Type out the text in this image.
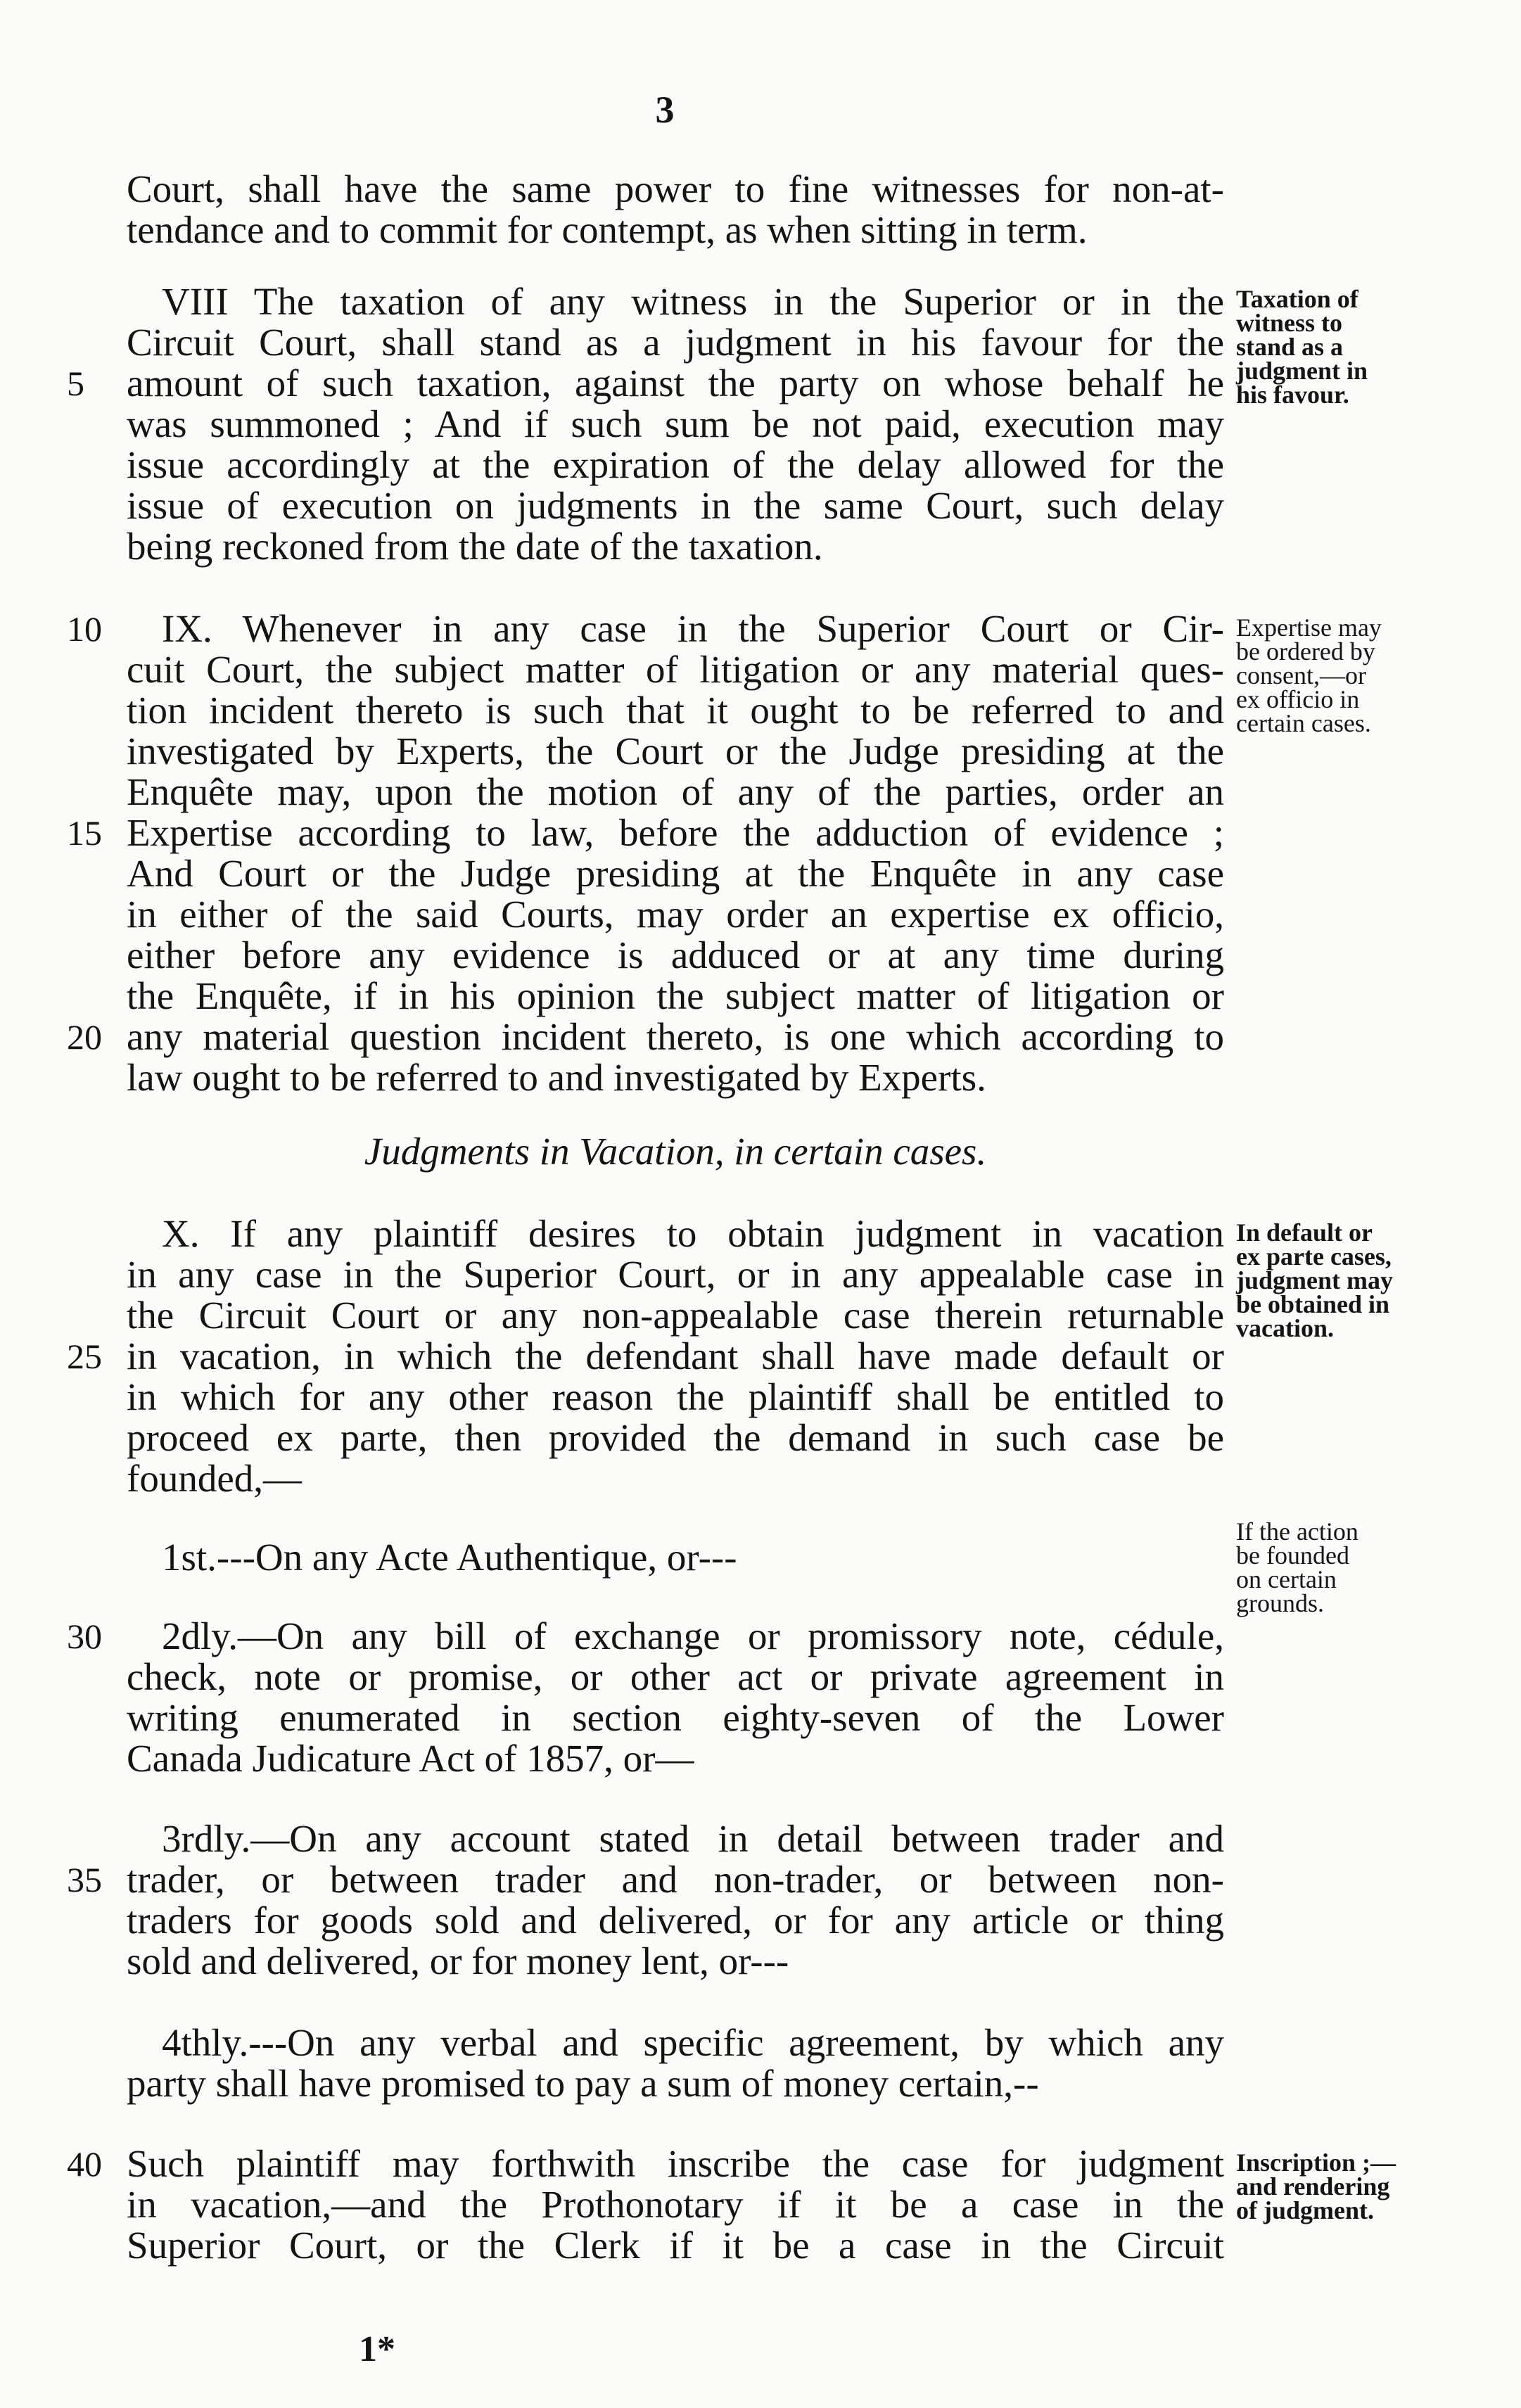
3
Court, shall have the same power to fine witnesses for non-at-
tendance and to commit for contempt, as when sitting in term.
VIII The taxation of any witness in the Superior or in the
Circuit Court, shall stand as a judgment in his favour for the
amount of such taxation, against the party on whose behalf he
was summoned ; And if such sum be not paid, execution may
issue accordingly at the expiration of the delay allowed for the
issue of execution on judgments in the same Court, such delay
being reckoned from the date of the taxation.
IX. Whenever in any case in the Superior Court or Cir-
cuit Court, the subject matter of litigation or any material ques-
tion incident thereto is such that it ought to be referred to and
investigated by Experts, the Court or the Judge presiding at the
Enquête may, upon the motion of any of the parties, order an
Expertise according to law, before the adduction of evidence ;
And Court or the Judge presiding at the Enquête in any case
in either of the said Courts, may order an expertise ex officio,
either before any evidence is adduced or at any time during
the Enquête, if in his opinion the subject matter of litigation or
any material question incident thereto, is one which according to
law ought to be referred to and investigated by Experts.
Judgments in Vacation, in certain cases.
X. If any plaintiff desires to obtain judgment in vacation
in any case in the Superior Court, or in any appealable case in
the Circuit Court or any non-appealable case therein returnable
in vacation, in which the defendant shall have made default or
in which for any other reason the plaintiff shall be entitled to
proceed ex parte, then provided the demand in such case be
founded,—
1st.---On any Acte Authentique, or---
2dly.—On any bill of exchange or promissory note, cédule,
check, note or promise, or other act or private agreement in
writing enumerated in section eighty-seven of the Lower
Canada Judicature Act of 1857, or—
3rdly.—On any account stated in detail between trader and
trader, or between trader and non-trader, or between non-
traders for goods sold and delivered, or for any article or thing
sold and delivered, or for money lent, or---
4thly.---On any verbal and specific agreement, by which any
party shall have promised to pay a sum of money certain,--
Such plaintiff may forthwith inscribe the case for judgment
in vacation,—and the Prothonotary if it be a case in the
Superior Court, or the Clerk if it be a case in the Circuit
1*
5
10
15
20
25
30
35
40
Taxation of
witness to
stand as a
judgment in
his favour.
Expertise may
be ordered by
consent,—or
ex officio in
certain cases.
In default or
ex parte cases,
judgment may
be obtained in
vacation.
If the action
be founded
on certain
grounds.
Inscription ;—
and rendering
of judgment.
